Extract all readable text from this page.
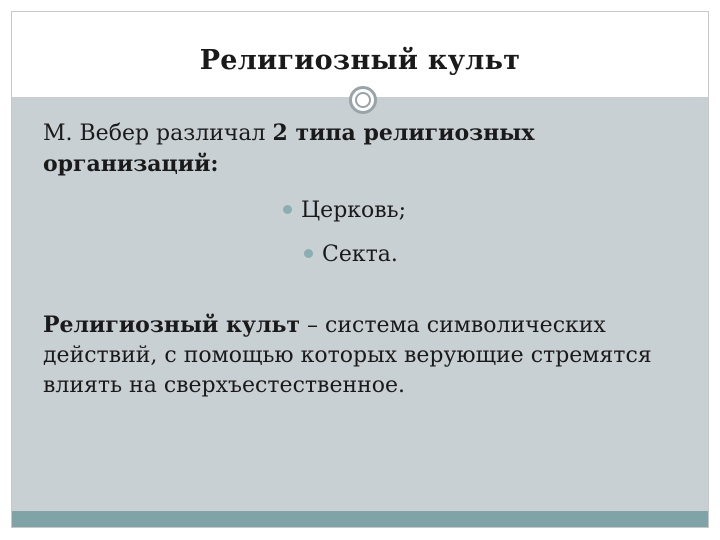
Религиозный культ
М. Вебер различал 2 типа религиозных организаций:
Церковь;
Секта.
Религиозный культ – система символических действий, с помощью которых верующие стремятся влиять на сверхъестественное.
